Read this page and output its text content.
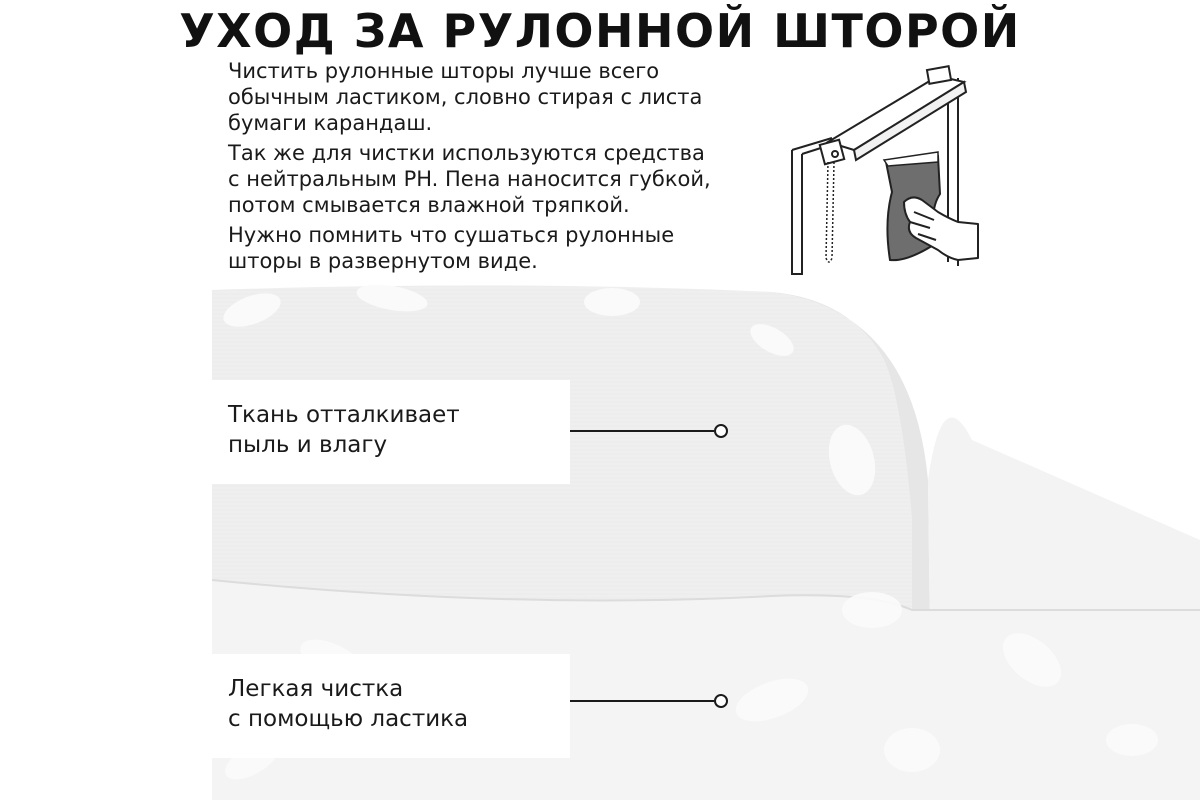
УХОД ЗА РУЛОННОЙ ШТОРОЙ

Чистить рулонные шторы лучше всего
обычным ластиком, словно стирая с листа
бумаги карандаш.

Так же для чистки используются средства
с нейтральным PH. Пена наносится губкой,
потом смывается влажной тряпкой.

Нужно помнить что сушаться рулонные
шторы в развернутом виде.

Ткань отталкивает
пыль и влагу
Легкая чистка
с помощью ластика
